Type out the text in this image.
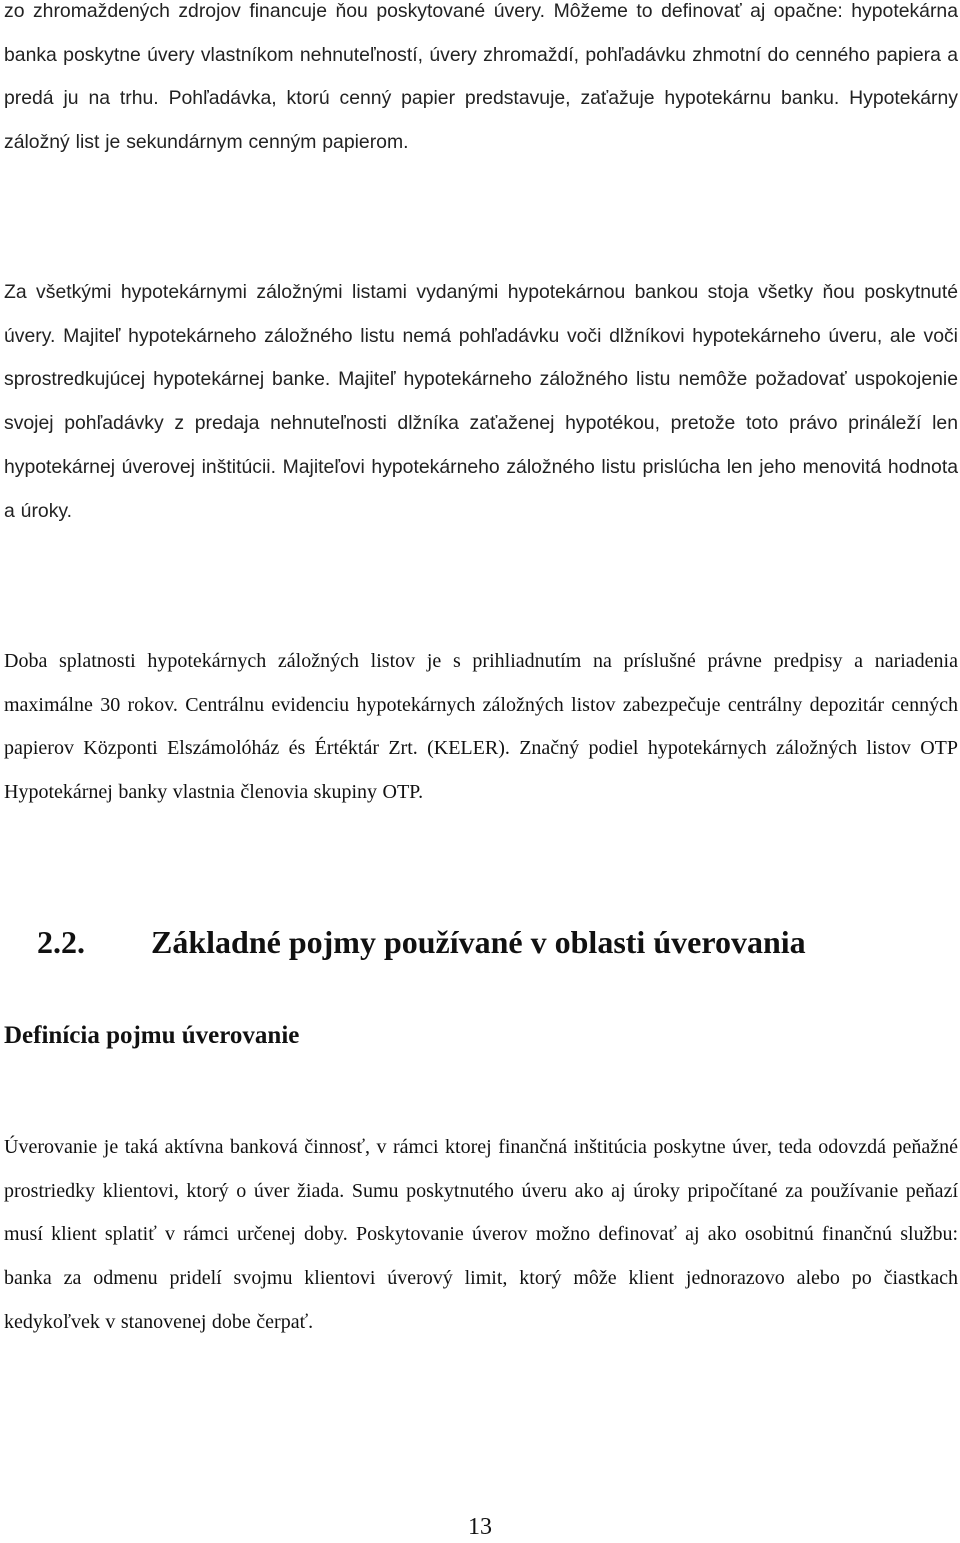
zo zhromaždených zdrojov financuje ňou poskytované úvery. Môžeme to definovať aj opačne: hypotekárna banka poskytne úvery vlastníkom nehnuteľností, úvery zhromaždí, pohľadávku zhmotní do cenného papiera a predá ju na trhu. Pohľadávka, ktorú cenný papier predstavuje, zaťažuje hypotekárnu banku. Hypotekárny záložný list je sekundárnym cenným papierom.

Za všetkými hypotekárnymi záložnými listami vydanými hypotekárnou bankou stoja všetky ňou poskytnuté úvery. Majiteľ hypotekárneho záložného listu nemá pohľadávku voči dlžníkovi hypotekárneho úveru, ale voči sprostredkujúcej hypotekárnej banke. Majiteľ hypotekárneho záložného listu nemôže požadovať uspokojenie svojej pohľadávky z predaja nehnuteľnosti dlžníka zaťaženej hypotékou, pretože toto právo prináleží len hypotekárnej úverovej inštitúcii. Majiteľovi hypotekárneho záložného listu prislúcha len jeho menovitá hodnota a úroky.

Doba splatnosti hypotekárnych záložných listov je s prihliadnutím na príslušné právne predpisy a nariadenia maximálne 30 rokov. Centrálnu evidenciu hypotekárnych záložných listov zabezpečuje centrálny depozitár cenných papierov Központi Elszámolóház és Értéktár Zrt. (KELER). Značný podiel hypotekárnych záložných listov OTP Hypotekárnej banky vlastnia členovia skupiny OTP.

2.2. Základné pojmy používané v oblasti úverovania
Definícia pojmu úverovanie

Úverovanie je taká aktívna banková činnosť, v rámci ktorej finančná inštitúcia poskytne úver, teda odovzdá peňažné prostriedky klientovi, ktorý o úver žiada. Sumu poskytnutého úveru ako aj úroky pripočítané za používanie peňazí musí klient splatiť v rámci určenej doby. Poskytovanie úverov možno definovať aj ako osobitnú finančnú službu: banka za odmenu pridelí svojmu klientovi úverový limit, ktorý môže klient jednorazovo alebo po čiastkach kedykoľvek v stanovenej dobe čerpať.

13
